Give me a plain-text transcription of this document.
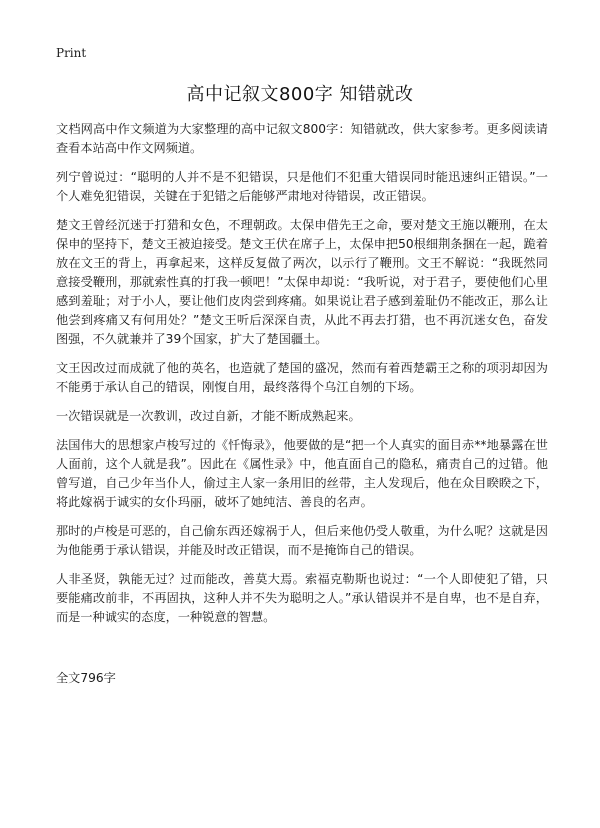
Print
高中记叙文800字 知错就改

文档网高中作文频道为大家整理的高中记叙文800字：知错就改，供大家参考。更多阅读请查看本站高中作文网频道。

列宁曾说过：“聪明的人并不是不犯错误，只是他们不犯重大错误同时能迅速纠正错误。”一个人难免犯错误，关键在于犯错之后能够严肃地对待错误，改正错误。

楚文王曾经沉迷于打猎和女色，不理朝政。太保申借先王之命，要对楚文王施以鞭刑，在太保申的坚持下，楚文王被迫接受。楚文王伏在席子上，太保申把50根细荆条捆在一起，跪着放在文王的背上，再拿起来，这样反复做了两次，以示行了鞭刑。文王不解说：“我既然同意接受鞭刑，那就索性真的打我一顿吧！”太保申却说：“我听说，对于君子，要使他们心里感到羞耻；对于小人，要让他们皮肉尝到疼痛。如果说让君子感到羞耻仍不能改正，那么让他尝到疼痛又有何用处？”楚文王听后深深自责，从此不再去打猎，也不再沉迷女色，奋发图强，不久就兼并了39个国家，扩大了楚国疆土。

文王因改过而成就了他的英名，也造就了楚国的盛况，然而有着西楚霸王之称的项羽却因为不能勇于承认自己的错误，刚愎自用，最终落得个乌江自刎的下场。

一次错误就是一次教训，改过自新，才能不断成熟起来。

法国伟大的思想家卢梭写过的《忏悔录》，他要做的是“把一个人真实的面目赤**地暴露在世人面前，这个人就是我”。因此在《属性录》中，他直面自己的隐私，痛责自己的过错。他曾写道，自己少年当仆人，偷过主人家一条用旧的丝带，主人发现后，他在众目睽睽之下，将此嫁祸于诚实的女仆玛丽，破坏了她纯洁、善良的名声。

那时的卢梭是可恶的，自己偷东西还嫁祸于人，但后来他仍受人敬重，为什么呢？这就是因为他能勇于承认错误，并能及时改正错误，而不是掩饰自己的错误。

人非圣贤，孰能无过？过而能改，善莫大焉。索福克勒斯也说过：“一个人即使犯了错，只要能痛改前非，不再固执，这种人并不失为聪明之人。”承认错误并不是自卑，也不是自弃，而是一种诚实的态度，一种锐意的智慧。

全文796字
